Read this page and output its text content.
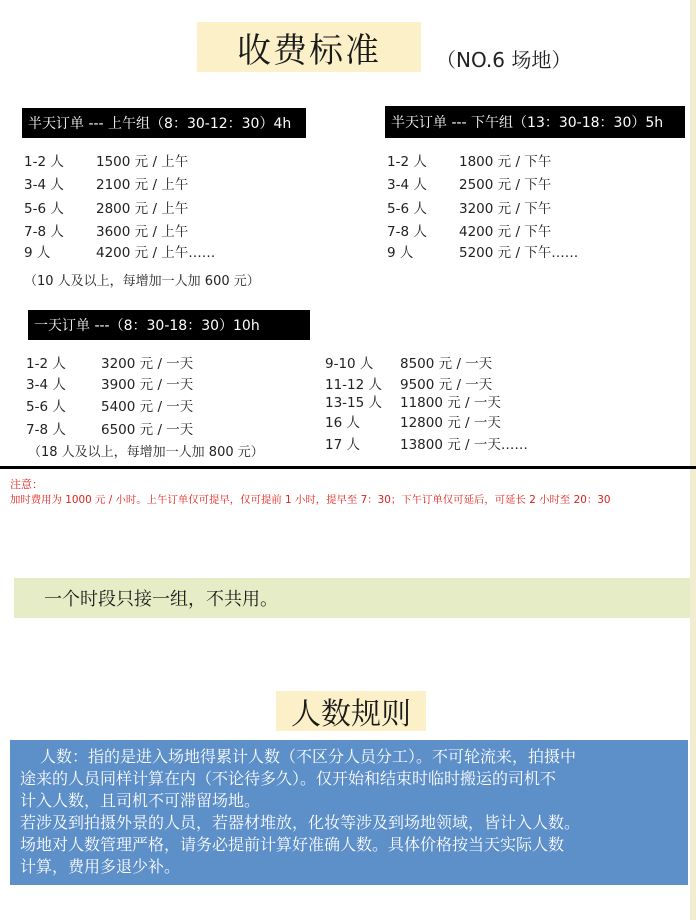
收费标准	（NO.6 场地）
半天订单 --- 上午组（8：30-12：30）4h
1-2 人 1500 元 / 上午
3-4 人 2100 元 / 上午
5-6 人 2800 元 / 上午
7-8 人 3600 元 / 上午
9 人	4200 元 / 上午……
（10 人及以上，每增加一人加 600 元）
半天订单 --- 下午组（13：30-18：30）5h
1-2 人 1800 元 / 下午
3-4 人 2500 元 / 下午
5-6 人 3200 元 / 下午
7-8 人 4200 元 / 下午
9 人	5200 元 / 下午……
一天订单 ---（8：30-18：30）10h
1-2 人	3200 元 / 一天
3-4 人	3900 元 / 一天
5-6 人	5400 元 / 一天
7-8 人	6500 元 / 一天
（18 人及以上，每增加一人加 800 元）
9-10 人 8500 元 / 一天
11-12 人 9500 元 / 一天
13-15 人 11800 元 / 一天
16 人	12800 元 / 一天
17 人	13800 元 / 一天……
注意：
加时费用为 1000 元 / 小时。上午订单仅可提早，仅可提前 1 小时，提早至 7：30；下午订单仅可延后，可延长 2 小时至 20：30
一个时段只接一组，不共用。
人数规则
人数：指的是进入场地得累计人数（不区分人员分工）。不可轮流来，拍摄中
途来的人员同样计算在内（不论待多久）。仅开始和结束时临时搬运的司机不
计入人数，且司机不可滞留场地。
若涉及到拍摄外景的人员，若器材堆放，化妆等涉及到场地领域，皆计入人数。
场地对人数管理严格，请务必提前计算好准确人数。具体价格按当天实际人数
计算，费用多退少补。
